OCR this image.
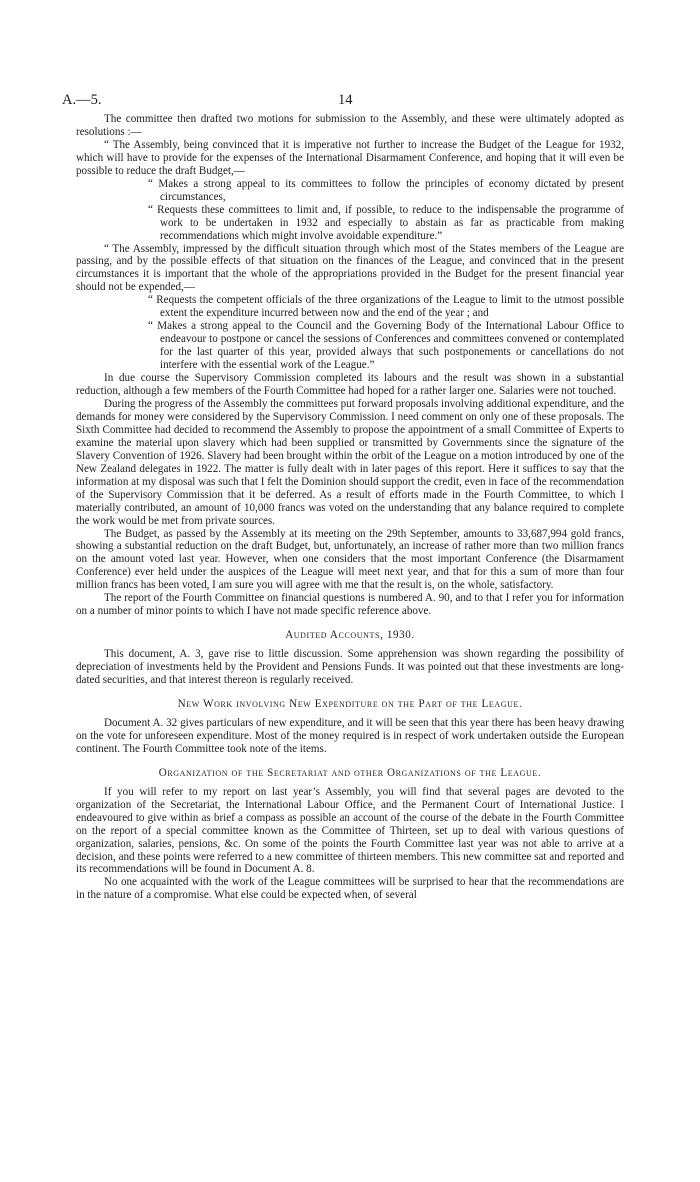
A.—5.	14

The committee then drafted two motions for submission to the Assembly, and these were ultimately adopted as resolutions :—

“ The Assembly, being convinced that it is imperative not further to increase the Budget of the League for 1932, which will have to provide for the expenses of the International Disarmament Conference, and hoping that it will even be possible to reduce the draft Budget,—

“ Makes a strong appeal to its committees to follow the principles of economy dictated by present circumstances,

“ Requests these committees to limit and, if possible, to reduce to the indispensable the programme of work to be undertaken in 1932 and especially to abstain as far as practicable from making recommendations which might involve avoidable expenditure.”

“ The Assembly, impressed by the difficult situation through which most of the States members of the League are passing, and by the possible effects of that situation on the finances of the League, and convinced that in the present circumstances it is important that the whole of the appropriations provided in the Budget for the present financial year should not be expended,—

“ Requests the competent officials of the three organizations of the League to limit to the utmost possible extent the expenditure incurred between now and the end of the year ; and

“ Makes a strong appeal to the Council and the Governing Body of the International Labour Office to endeavour to postpone or cancel the sessions of Conferences and committees convened or contemplated for the last quarter of this year, provided always that such postponements or cancellations do not interfere with the essential work of the League.”

In due course the Supervisory Commission completed its labours and the result was shown in a substantial reduction, although a few members of the Fourth Committee had hoped for a rather larger one. Salaries were not touched.

During the progress of the Assembly the committees put forward proposals involving additional expenditure, and the demands for money were considered by the Supervisory Commission. I need comment on only one of these proposals. The Sixth Committee had decided to recommend the Assembly to propose the appointment of a small Committee of Experts to examine the material upon slavery which had been supplied or transmitted by Governments since the signature of the Slavery Convention of 1926. Slavery had been brought within the orbit of the League on a motion introduced by one of the New Zealand delegates in 1922. The matter is fully dealt with in later pages of this report. Here it suffices to say that the information at my disposal was such that I felt the Dominion should support the credit, even in face of the recommendation of the Supervisory Commission that it be deferred. As a result of efforts made in the Fourth Committee, to which I materially contributed, an amount of 10,000 francs was voted on the understanding that any balance required to complete the work would be met from private sources.

The Budget, as passed by the Assembly at its meeting on the 29th September, amounts to 33,687,994 gold francs, showing a substantial reduction on the draft Budget, but, unfortunately, an increase of rather more than two million francs on the amount voted last year. However, when one considers that the most important Conference (the Disarmament Conference) ever held under the auspices of the League will meet next year, and that for this a sum of more than four million francs has been voted, I am sure you will agree with me that the result is, on the whole, satisfactory.

The report of the Fourth Committee on financial questions is numbered A. 90, and to that I refer you for information on a number of minor points to which I have not made specific reference above.

Audited Accounts, 1930.

This document, A. 3, gave rise to little discussion. Some apprehension was shown regarding the possibility of depreciation of investments held by the Provident and Pensions Funds. It was pointed out that these investments are long-dated securities, and that interest thereon is regularly received.

New Work involving New Expenditure on the Part of the League.

Document A. 32 gives particulars of new expenditure, and it will be seen that this year there has been heavy drawing on the vote for unforeseen expenditure. Most of the money required is in respect of work undertaken outside the European continent. The Fourth Committee took note of the items.

Organization of the Secretariat and other Organizations of the League.

If you will refer to my report on last year’s Assembly, you will find that several pages are devoted to the organization of the Secretariat, the International Labour Office, and the Permanent Court of International Justice. I endeavoured to give within as brief a compass as possible an account of the course of the debate in the Fourth Committee on the report of a special committee known as the Committee of Thirteen, set up to deal with various questions of organization, salaries, pensions, &c. On some of the points the Fourth Committee last year was not able to arrive at a decision, and these points were referred to a new committee of thirteen members. This new committee sat and reported and its recommendations will be found in Document A. 8.

No one acquainted with the work of the League committees will be surprised to hear that the recommendations are in the nature of a compromise. What else could be expected when, of several
